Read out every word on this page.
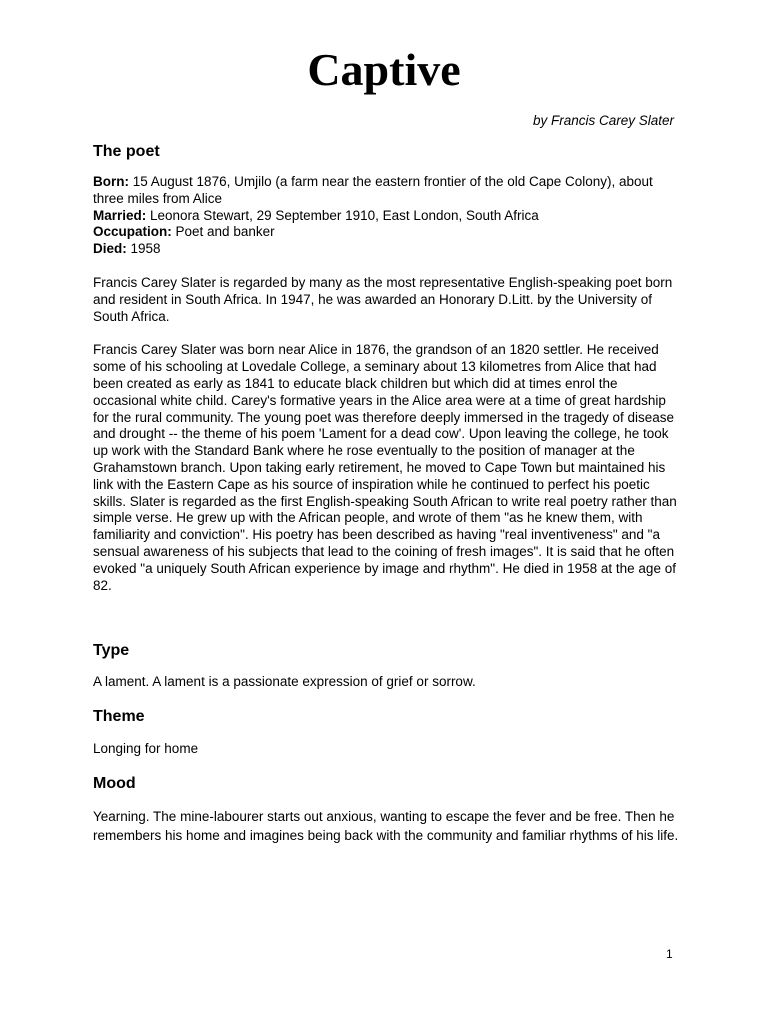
Captive

by Francis Carey Slater

The poet
Born: 15 August 1876, Umjilo (a farm near the eastern frontier of the old Cape Colony), about three miles from Alice
Married: Leonora Stewart, 29 September 1910, East London, South Africa
Occupation: Poet and banker
Died: 1958

Francis Carey Slater is regarded by many as the most representative English-speaking poet born and resident in South Africa. In 1947, he was awarded an Honorary D.Litt. by the University of South Africa.

Francis Carey Slater was born near Alice in 1876, the grandson of an 1820 settler. He received some of his schooling at Lovedale College, a seminary about 13 kilometres from Alice that had been created as early as 1841 to educate black children but which did at times enrol the occasional white child. Carey's formative years in the Alice area were at a time of great hardship for the rural community. The young poet was therefore deeply immersed in the tragedy of disease and drought -- the theme of his poem 'Lament for a dead cow'. Upon leaving the college, he took up work with the Standard Bank where he rose eventually to the position of manager at the Grahamstown branch. Upon taking early retirement, he moved to Cape Town but maintained his link with the Eastern Cape as his source of inspiration while he continued to perfect his poetic skills. Slater is regarded as the first English-speaking South African to write real poetry rather than simple verse. He grew up with the African people, and wrote of them "as he knew them, with familiarity and conviction". His poetry has been described as having "real inventiveness" and "a sensual awareness of his subjects that lead to the coining of fresh images". It is said that he often evoked "a uniquely South African experience by image and rhythm". He died in 1958 at the age of 82.

Type

A lament. A lament is a passionate expression of grief or sorrow.

Theme

Longing for home

Mood

Yearning. The mine-labourer starts out anxious, wanting to escape the fever and be free. Then he remembers his home and imagines being back with the community and familiar rhythms of his life.

1
